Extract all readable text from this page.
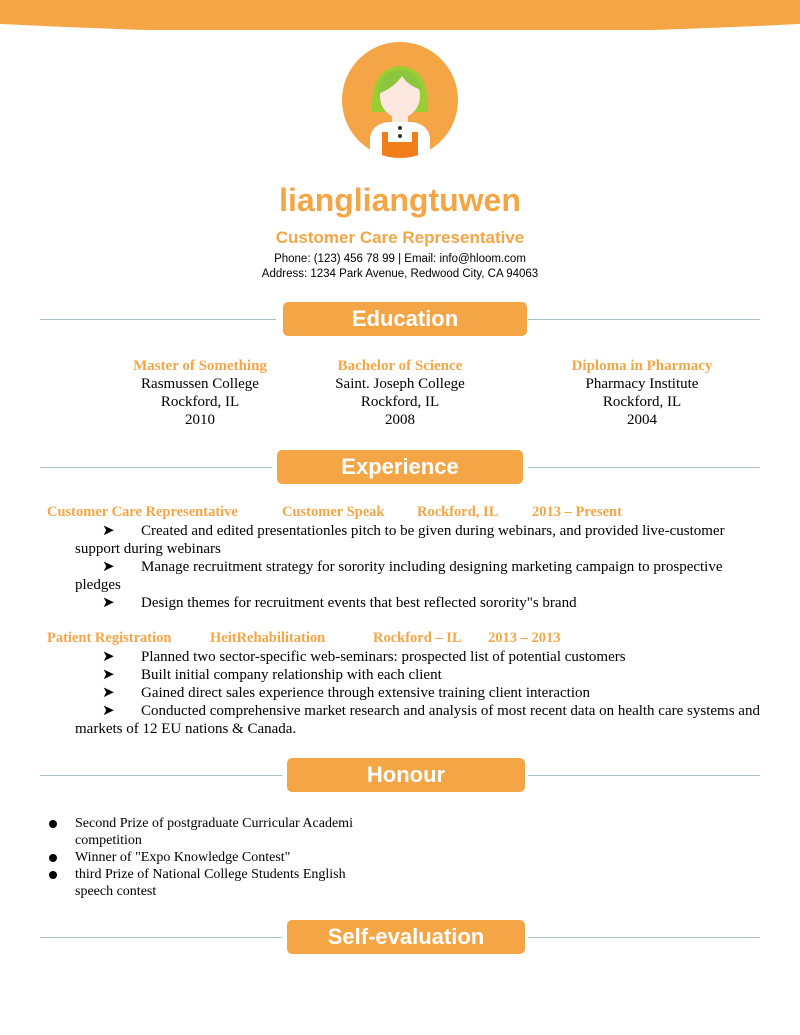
liangliangtuwen
Customer Care Representative
Phone: (123) 456 78 99 | Email: info@hloom.com
Address: 1234 Park Avenue, Redwood City, CA 94063
Education
Master of Something
Rasmussen College
Rockford, IL
2010
Bachelor of Science
Saint. Joseph College
Rockford, IL
2008
Diploma in Pharmacy
Pharmacy Institute
Rockford, IL
2004
Experience
Customer Care Representative	Customer Speak Rockford, IL 2013 – Present
➤	Created and edited presentationles pitch to be given during webinars, and provided live-customer support during webinars
➤	Manage recruitment strategy for sorority including designing marketing campaign to prospective pledges
➤	Design themes for recruitment events that best reflected sorority"s brand
Patient Registration	HeitRehabilitation	Rockford – IL 2013 – 2013
➤	Planned two sector-specific web-seminars: prospected list of potential customers
➤	Built initial company relationship with each client
➤	Gained direct sales experience through extensive training client interaction
➤	Conducted comprehensive market research and analysis of most recent data on health care systems and markets of 12 EU nations & Canada.
Honour
Second Prize of postgraduate Curricular Academi competition
Winner of "Expo Knowledge Contest"
third Prize of National College Students English speech contest
Self-evaluation
